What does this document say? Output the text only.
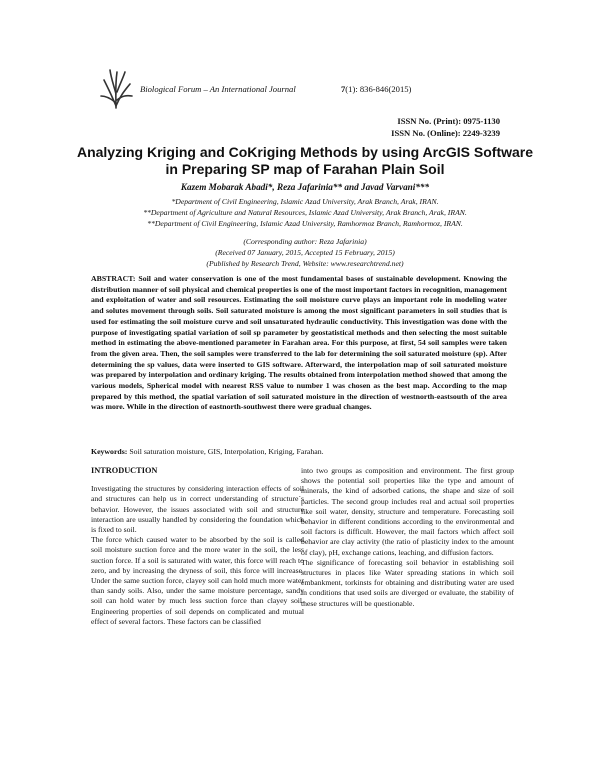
Biological Forum – An International Journal	7(1): 836-846(2015)
ISSN No. (Print): 0975-1130
ISSN No. (Online): 2249-3239
Analyzing Kriging and CoKriging Methods by using ArcGIS Software in Preparing SP map of Farahan Plain Soil
Kazem Mobarak Abadi*, Reza Jafarinia** and Javad Varvani***
*Department of Civil Engineering, Islamic Azad University, Arak Branch, Arak, IRAN.
**Department of Agriculture and Natural Resources, Islamic Azad University, Arak Branch, Arak, IRAN.
**Department of Civil Engineering, Islamic Azad University, Ramhormoz Branch, Ramhormoz, IRAN.
(Corresponding author: Reza Jafarinia)
(Received 07 January, 2015, Accepted 15 February, 2015)
(Published by Research Trend, Website: www.researchtrend.net)
ABSTRACT: Soil and water conservation is one of the most fundamental bases of sustainable development. Knowing the distribution manner of soil physical and chemical properties is one of the most important factors in recognition, management and exploitation of water and soil resources. Estimating the soil moisture curve plays an important role in modeling water and solutes movement through soils. Soil saturated moisture is among the most significant parameters in soil studies that is used for estimating the soil moisture curve and soil unsaturated hydraulic conductivity. This investigation was done with the purpose of investigating spatial variation of soil sp parameter by geostatistical methods and then selecting the most suitable method in estimating the above-mentioned parameter in Farahan area. For this purpose, at first, 54 soil samples were taken from the given area. Then, the soil samples were transferred to the lab for determining the soil saturated moisture (sp). After determining the sp values, data were inserted to GIS software. Afterward, the interpolation map of soil saturated moisture was prepared by interpolation and ordinary kriging. The results obtained from interpolation method showed that among the various models, Spherical model with nearest RSS value to number 1 was chosen as the best map. According to the map prepared by this method, the spatial variation of soil saturated moisture in the direction of westnorth-eastsouth of the area was more. While in the direction of eastnorth-southwest there were gradual changes.
Keywords: Soil saturation moisture, GIS, Interpolation, Kriging, Farahan.
INTRODUCTION

Investigating the structures by considering interaction effects of soil and structures can help us in correct understanding of structure`s behavior. However, the issues associated with soil and structure interaction are usually handled by considering the foundation which is fixed to soil.

The force which caused water to be absorbed by the soil is called soil moisture suction force and the more water in the soil, the less suction force. If a soil is saturated with water, this force will reach to zero, and by increasing the dryness of soil, this force will increase. Under the same suction force, clayey soil can hold much more water than sandy soils. Also, under the same moisture percentage, sandy soil can hold water by much less suction force than clayey soil. Engineering properties of soil depends on complicated and mutual effect of several factors. These factors can be classified

into two groups as composition and environment. The first group shows the potential soil properties like the type and amount of minerals, the kind of adsorbed cations, the shape and size of soil particles. The second group includes real and actual soil properties like soil water, density, structure and temperature. Forecasting soil behavior in different conditions according to the environmental and soil factors is difficult. However, the mail factors which affect soil behavior are clay activity (the ratio of plasticity index to the amount of clay), pH, exchange cations, leaching, and diffusion factors.

The significance of forecasting soil behavior in establishing soil structures in places like Water spreading stations in which soil embankment, torkinsts for obtaining and distributing water are used in conditions that used soils are diverged or evaluate, the stability of these structures will be questionable.
